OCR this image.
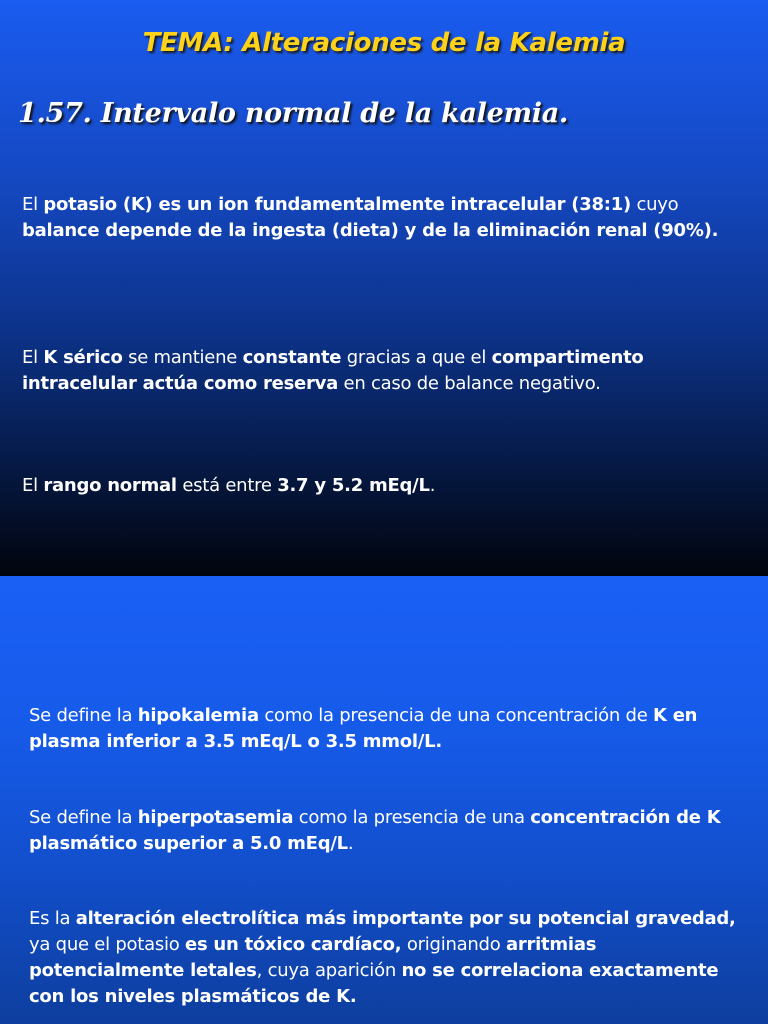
TEMA: Alteraciones de la Kalemia
1.57. Intervalo normal de la kalemia.
El potasio (K) es un ion fundamentalmente intracelular (38:1) cuyo balance depende de la ingesta (dieta) y de la eliminación renal (90%).
El K sérico se mantiene constante gracias a que el compartimento intracelular actúa como reserva en caso de balance negativo.
El rango normal está entre 3.7 y 5.2 mEq/L.
Se define la hipokalemia como la presencia de una concentración de K en plasma inferior a 3.5 mEq/L o 3.5 mmol/L.
Se define la hiperpotasemia como la presencia de una concentración de K plasmático superior a 5.0 mEq/L.
Es la alteración electrolítica más importante por su potencial gravedad, ya que el potasio es un tóxico cardíaco, originando arritmias potencialmente letales, cuya aparición no se correlaciona exactamente con los niveles plasmáticos de K.
